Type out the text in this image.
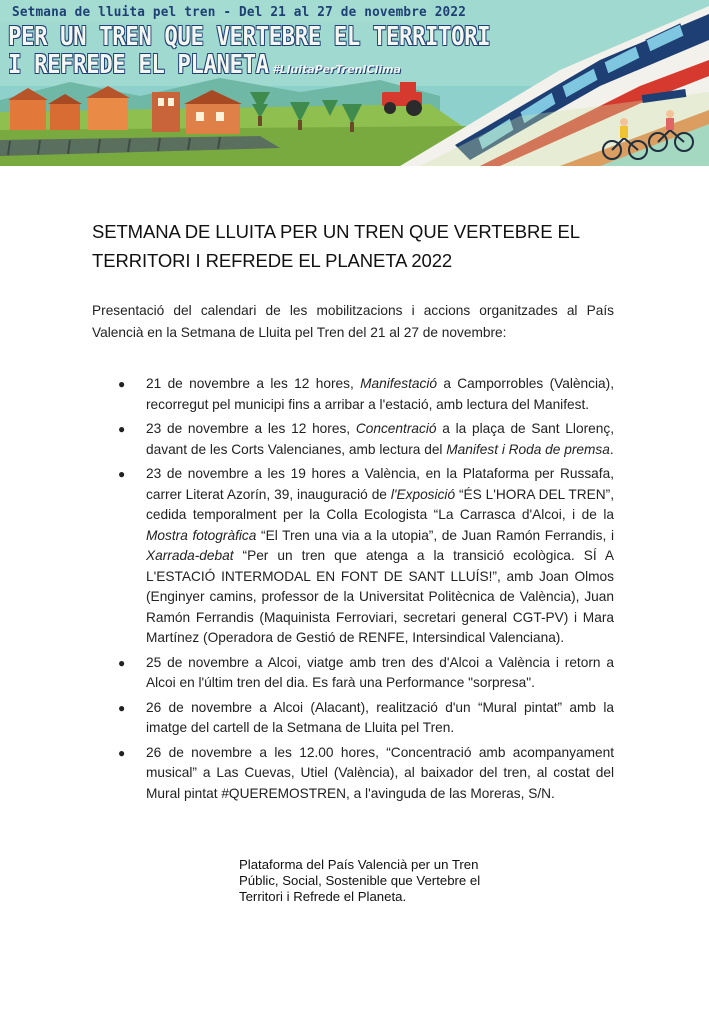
Setmana de lluita pel tren - Del 21 al 27 de novembre 2022
PER UN TREN QUE VERTEBRE EL TERRITORI
I REFREDE EL PLANETA #LluitaPerTrenIClima
SETMANA DE LLUITA PER UN TREN QUE VERTEBRE EL TERRITORI I REFREDE EL PLANETA 2022

Presentació del calendari de les mobilitzacions i accions organitzades al País Valencià en la Setmana de Lluita pel Tren del 21 al 27 de novembre:

● 21 de novembre a les 12 hores, Manifestació a Camporrobles (València), recorregut pel municipi fins a arribar a l'estació, amb lectura del Manifest.
● 23 de novembre a les 12 hores, Concentració a la plaça de Sant Llorenç, davant de les Corts Valencianes, amb lectura del Manifest i Roda de premsa.
● 23 de novembre a les 19 hores a València, en la Plataforma per Russafa, carrer Literat Azorín, 39, inauguració de l'Exposició “ÉS L'HORA DEL TREN”, cedida temporalment per la Colla Ecologista “La Carrasca d'Alcoi, i de la Mostra fotogràfica “El Tren una via a la utopia”, de Juan Ramón Ferrandis, i Xarrada-debat “Per un tren que atenga a la transició ecològica. SÍ A L'ESTACIÓ INTERMODAL EN FONT DE SANT LLUÍS!”, amb Joan Olmos (Enginyer camins, professor de la Universitat Politècnica de València), Juan Ramón Ferrandis (Maquinista Ferroviari, secretari general CGT-PV) i Mara Martínez (Operadora de Gestió de RENFE, Intersindical Valenciana).
● 25 de novembre a Alcoi, viatge amb tren des d'Alcoi a València i retorn a Alcoi en l'últim tren del dia. Es farà una Performance "sorpresa".
● 26 de novembre a Alcoi (Alacant), realització d'un “Mural pintat” amb la imatge del cartell de la Setmana de Lluita pel Tren.
● 26 de novembre a les 12.00 hores, “Concentració amb acompanyament musical” a Las Cuevas, Utiel (València), al baixador del tren, al costat del Mural pintat #QUEREMOSTREN, a l'avinguda de las Moreras, S/N.
Plataforma del País Valencià per un Tren
Públic, Social, Sostenible que Vertebre el
Territori i Refrede el Planeta.
